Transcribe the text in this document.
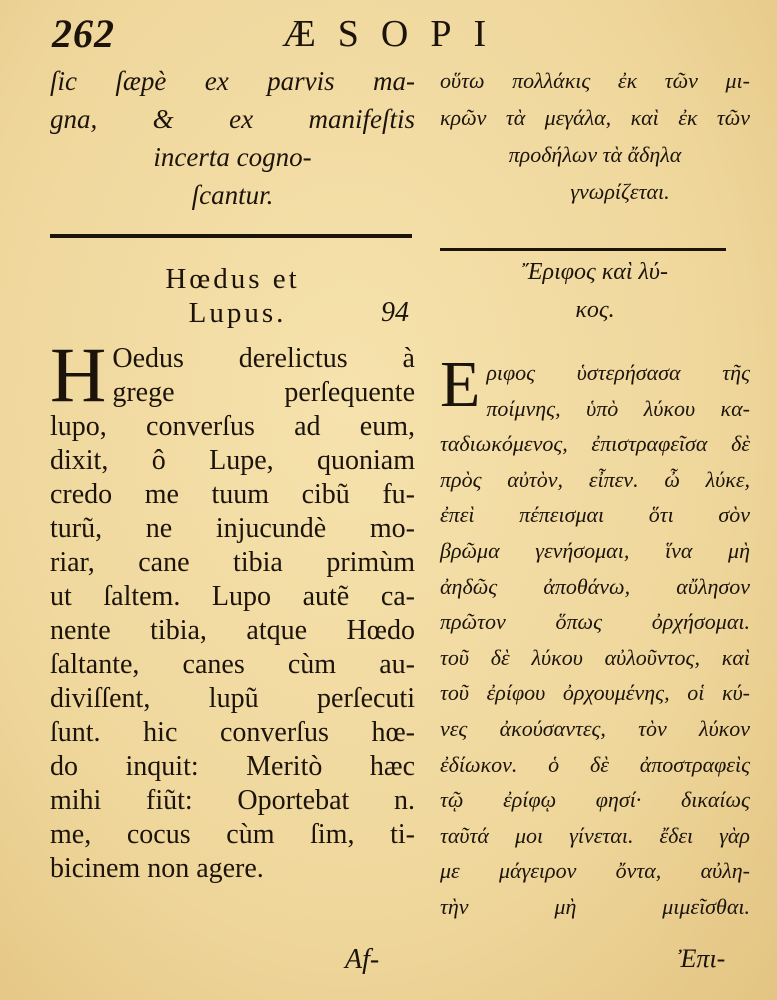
262	ÆSOPI
ſic ſæpè ex parvis ma-
gna, & ex manifeſtis
incerta cogno-
ſcantur.
Hœdus et
Lupus.	94
H Oedus derelictus à
grege perſequente
lupo, converſus ad eum,
dixit, ô Lupe, quoniam
credo me tuum cibũ fu-
turũ, ne injucundè mo-
riar, cane tibia primùm
ut ſaltem. Lupo autẽ ca-
nente tibia, atque Hœdo
ſaltante, canes cùm au-
diviſſent, lupũ perſecuti
ſunt. hic converſus hœ-
do inquit: Meritò hæc
mihi fiũt: Oportebat n.
me, cocus cùm ſim, ti-
bicinem non agere.
οὕτω πολλάκις ἐκ τῶν μι-
κρῶν τὰ μεγάλα, καὶ ἐκ τῶν
προδήλων τὰ ἄδηλα
γνωρίζεται.
Ἔριφος καὶ λύ-
κος.
Ε ριφος ὑστερήσασα τῆς
ποίμνης, ὑπὸ λύκου κα-
ταδιωκόμενος, ἐπιστραφεῖσα δὲ
πρὸς αὐτὸν, εἶπεν. ὦ λύκε,
ἐπεὶ πέπεισμαι ὅτι σὸν
βρῶμα γενήσομαι, ἵνα μὴ
ἀηδῶς ἀποθάνω, αὔλησον
πρῶτον ὅπως ὀρχήσομαι.
τοῦ δὲ λύκου αὐλοῦντος, καὶ
τοῦ ἐρίφου ὀρχουμένης, οἱ κύ-
νες ἀκούσαντες, τὸν λύκον
ἐδίωκον. ὁ δὲ ἀποστραφεὶς
τῷ ἐρίφῳ φησί· δικαίως
ταῦτά μοι γίνεται. ἔδει γὰρ
με μάγειρον ὄντα, αὐλη-
τὴν μὴ μιμεῖσθαι.
Af-	Ἐπι-
